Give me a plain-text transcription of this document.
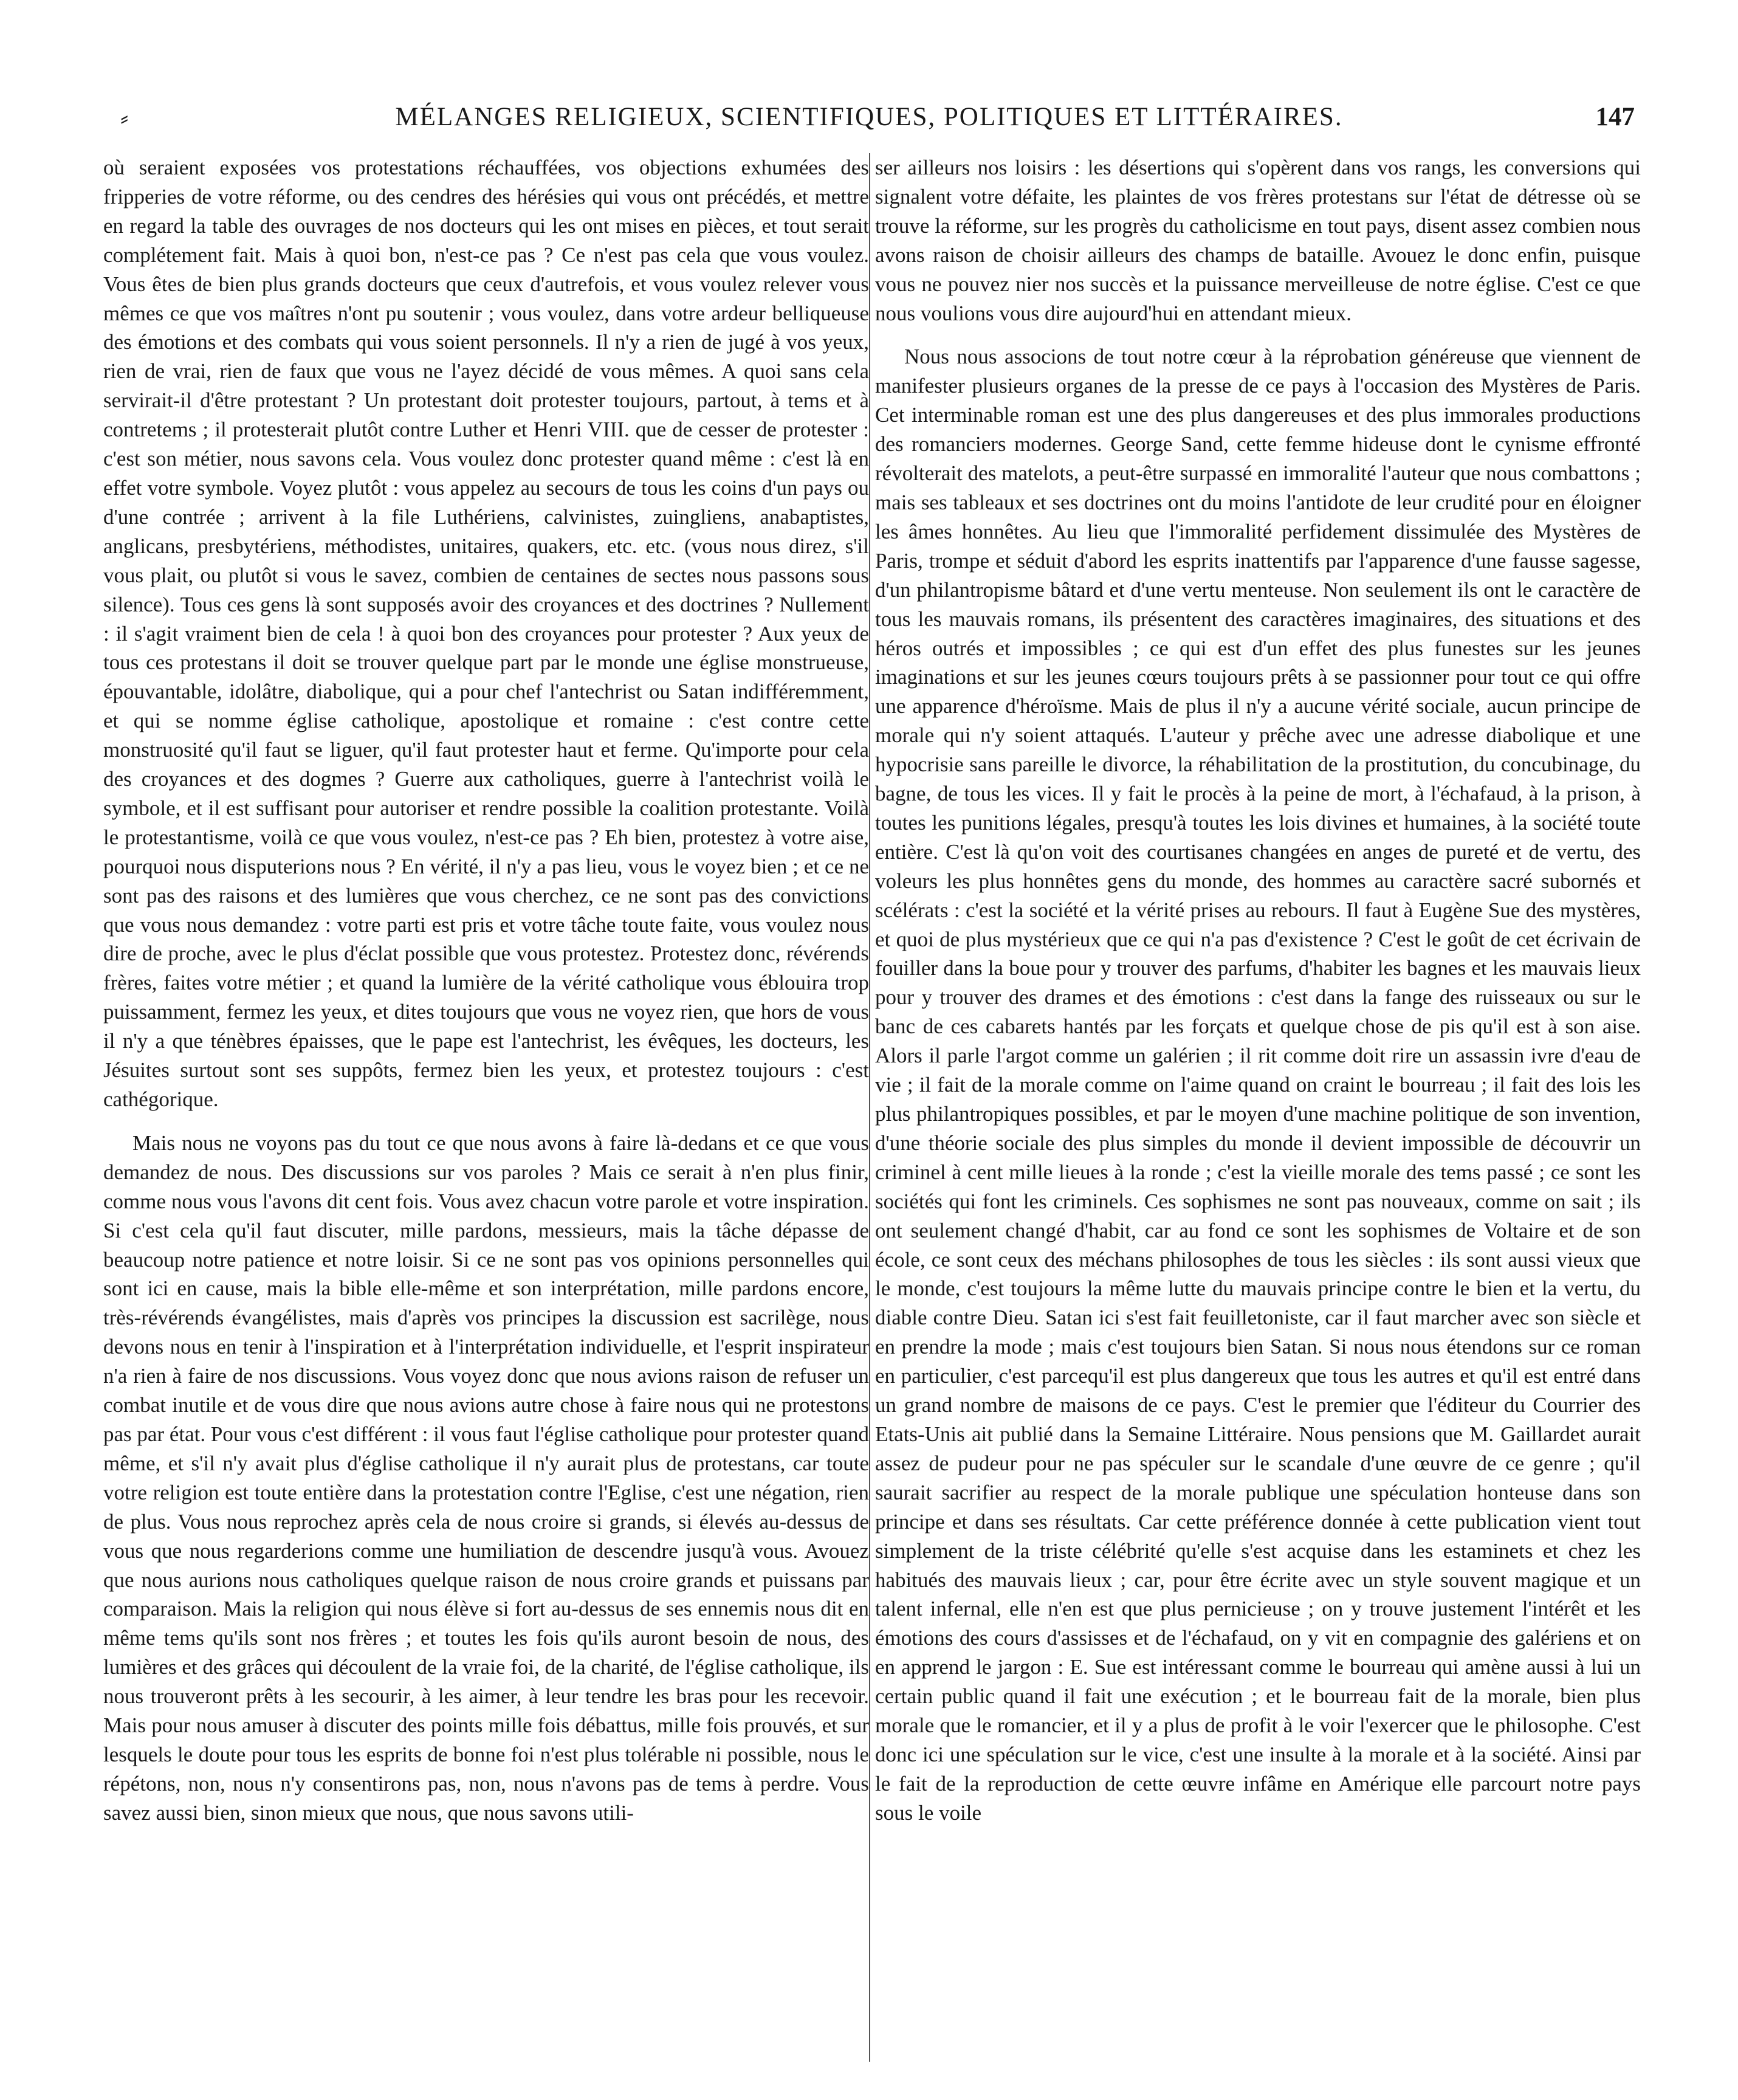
⸗	MÉLANGES RELIGIEUX, SCIENTIFIQUES, POLITIQUES ET LITTÉRAIRES.	147

où seraient exposées vos protestations réchauffées, vos objections exhumées des fripperies de votre réforme, ou des cendres des hérésies qui vous ont précédés, et mettre en regard la table des ouvrages de nos docteurs qui les ont mises en pièces, et tout serait complétement fait. Mais à quoi bon, n'est-ce pas ? Ce n'est pas cela que vous voulez. Vous êtes de bien plus grands docteurs que ceux d'autrefois, et vous voulez relever vous mêmes ce que vos maîtres n'ont pu soutenir ; vous voulez, dans votre ardeur belliqueuse des émotions et des combats qui vous soient personnels. Il n'y a rien de jugé à vos yeux, rien de vrai, rien de faux que vous ne l'ayez décidé de vous mêmes. A quoi sans cela servirait-il d'être protestant ? Un protestant doit protester toujours, partout, à tems et à contretems ; il protesterait plutôt contre Luther et Henri VIII. que de cesser de protester : c'est son métier, nous savons cela. Vous voulez donc protester quand même : c'est là en effet votre symbole. Voyez plutôt : vous appelez au secours de tous les coins d'un pays ou d'une contrée ; arrivent à la file Luthériens, calvinistes, zuingliens, anabaptistes, anglicans, presbytériens, méthodistes, unitaires, quakers, etc. etc. (vous nous direz, s'il vous plait, ou plutôt si vous le savez, combien de centaines de sectes nous passons sous silence). Tous ces gens là sont supposés avoir des croyances et des doctrines ? Nullement : il s'agit vraiment bien de cela ! à quoi bon des croyances pour protester ? Aux yeux de tous ces protestans il doit se trouver quelque part par le monde une église monstrueuse, épouvantable, idolâtre, diabolique, qui a pour chef l'antechrist ou Satan indifféremment, et qui se nomme église catholique, apostolique et romaine : c'est contre cette monstruosité qu'il faut se liguer, qu'il faut protester haut et ferme. Qu'importe pour cela des croyances et des dogmes ? Guerre aux catholiques, guerre à l'antechrist voilà le symbole, et il est suffisant pour autoriser et rendre possible la coalition protestante. Voilà le protestantisme, voilà ce que vous voulez, n'est-ce pas ? Eh bien, protestez à votre aise, pourquoi nous disputerions nous ? En vérité, il n'y a pas lieu, vous le voyez bien ; et ce ne sont pas des raisons et des lumières que vous cherchez, ce ne sont pas des convictions que vous nous demandez : votre parti est pris et votre tâche toute faite, vous voulez nous dire de proche, avec le plus d'éclat possible que vous protestez. Protestez donc, révérends frères, faites votre métier ; et quand la lumière de la vérité catholique vous éblouira trop puissamment, fermez les yeux, et dites toujours que vous ne voyez rien, que hors de vous il n'y a que ténèbres épaisses, que le pape est l'antechrist, les évêques, les docteurs, les Jésuites surtout sont ses suppôts, fermez bien les yeux, et protestez toujours : c'est cathégorique.

Mais nous ne voyons pas du tout ce que nous avons à faire là-dedans et ce que vous demandez de nous. Des discussions sur vos paroles ? Mais ce serait à n'en plus finir, comme nous vous l'avons dit cent fois. Vous avez chacun votre parole et votre inspiration. Si c'est cela qu'il faut discuter, mille pardons, messieurs, mais la tâche dépasse de beaucoup notre patience et notre loisir. Si ce ne sont pas vos opinions personnelles qui sont ici en cause, mais la bible elle-même et son interprétation, mille pardons encore, très-révérends évangélistes, mais d'après vos principes la discussion est sacrilège, nous devons nous en tenir à l'inspiration et à l'interprétation individuelle, et l'esprit inspirateur n'a rien à faire de nos discussions. Vous voyez donc que nous avions raison de refuser un combat inutile et de vous dire que nous avions autre chose à faire nous qui ne protestons pas par état. Pour vous c'est différent : il vous faut l'église catholique pour protester quand même, et s'il n'y avait plus d'église catholique il n'y aurait plus de protestans, car toute votre religion est toute entière dans la protestation contre l'Eglise, c'est une négation, rien de plus. Vous nous reprochez après cela de nous croire si grands, si élevés au-dessus de vous que nous regarderions comme une humiliation de descendre jusqu'à vous. Avouez que nous aurions nous catholiques quelque raison de nous croire grands et puissans par comparaison. Mais la religion qui nous élève si fort au-dessus de ses ennemis nous dit en même tems qu'ils sont nos frères ; et toutes les fois qu'ils auront besoin de nous, des lumières et des grâces qui découlent de la vraie foi, de la charité, de l'église catholique, ils nous trouveront prêts à les secourir, à les aimer, à leur tendre les bras pour les recevoir. Mais pour nous amuser à discuter des points mille fois débattus, mille fois prouvés, et sur lesquels le doute pour tous les esprits de bonne foi n'est plus tolérable ni possible, nous le répétons, non, nous n'y consentirons pas, non, nous n'avons pas de tems à perdre. Vous savez aussi bien, sinon mieux que nous, que nous savons utili-

ser ailleurs nos loisirs : les désertions qui s'opèrent dans vos rangs, les conversions qui signalent votre défaite, les plaintes de vos frères protestans sur l'état de détresse où se trouve la réforme, sur les progrès du catholicisme en tout pays, disent assez combien nous avons raison de choisir ailleurs des champs de bataille. Avouez le donc enfin, puisque vous ne pouvez nier nos succès et la puissance merveilleuse de notre église. C'est ce que nous voulions vous dire aujourd'hui en attendant mieux.

Nous nous associons de tout notre cœur à la réprobation généreuse que viennent de manifester plusieurs organes de la presse de ce pays à l'occasion des Mystères de Paris. Cet interminable roman est une des plus dangereuses et des plus immorales productions des romanciers modernes. George Sand, cette femme hideuse dont le cynisme effronté révolterait des matelots, a peut-être surpassé en immoralité l'auteur que nous combattons ; mais ses tableaux et ses doctrines ont du moins l'antidote de leur crudité pour en éloigner les âmes honnêtes. Au lieu que l'immoralité perfidement dissimulée des Mystères de Paris, trompe et séduit d'abord les esprits inattentifs par l'apparence d'une fausse sagesse, d'un philantropisme bâtard et d'une vertu menteuse. Non seulement ils ont le caractère de tous les mauvais romans, ils présentent des caractères imaginaires, des situations et des héros outrés et impossibles ; ce qui est d'un effet des plus funestes sur les jeunes imaginations et sur les jeunes cœurs toujours prêts à se passionner pour tout ce qui offre une apparence d'héroïsme. Mais de plus il n'y a aucune vérité sociale, aucun principe de morale qui n'y soient attaqués. L'auteur y prêche avec une adresse diabolique et une hypocrisie sans pareille le divorce, la réhabilitation de la prostitution, du concubinage, du bagne, de tous les vices. Il y fait le procès à la peine de mort, à l'échafaud, à la prison, à toutes les punitions légales, presqu'à toutes les lois divines et humaines, à la société toute entière. C'est là qu'on voit des courtisanes changées en anges de pureté et de vertu, des voleurs les plus honnêtes gens du monde, des hommes au caractère sacré subornés et scélérats : c'est la société et la vérité prises au rebours. Il faut à Eugène Sue des mystères, et quoi de plus mystérieux que ce qui n'a pas d'existence ? C'est le goût de cet écrivain de fouiller dans la boue pour y trouver des parfums, d'habiter les bagnes et les mauvais lieux pour y trouver des drames et des émotions : c'est dans la fange des ruisseaux ou sur le banc de ces cabarets hantés par les forçats et quelque chose de pis qu'il est à son aise. Alors il parle l'argot comme un galérien ; il rit comme doit rire un assassin ivre d'eau de vie ; il fait de la morale comme on l'aime quand on craint le bourreau ; il fait des lois les plus philantropiques possibles, et par le moyen d'une machine politique de son invention, d'une théorie sociale des plus simples du monde il devient impossible de découvrir un criminel à cent mille lieues à la ronde ; c'est la vieille morale des tems passé ; ce sont les sociétés qui font les criminels. Ces sophismes ne sont pas nouveaux, comme on sait ; ils ont seulement changé d'habit, car au fond ce sont les sophismes de Voltaire et de son école, ce sont ceux des méchans philosophes de tous les siècles : ils sont aussi vieux que le monde, c'est toujours la même lutte du mauvais principe contre le bien et la vertu, du diable contre Dieu. Satan ici s'est fait feuilletoniste, car il faut marcher avec son siècle et en prendre la mode ; mais c'est toujours bien Satan. Si nous nous étendons sur ce roman en particulier, c'est parcequ'il est plus dangereux que tous les autres et qu'il est entré dans un grand nombre de maisons de ce pays. C'est le premier que l'éditeur du Courrier des Etats-Unis ait publié dans la Semaine Littéraire. Nous pensions que M. Gaillardet aurait assez de pudeur pour ne pas spéculer sur le scandale d'une œuvre de ce genre ; qu'il saurait sacrifier au respect de la morale publique une spéculation honteuse dans son principe et dans ses résultats. Car cette préférence donnée à cette publication vient tout simplement de la triste célébrité qu'elle s'est acquise dans les estaminets et chez les habitués des mauvais lieux ; car, pour être écrite avec un style souvent magique et un talent infernal, elle n'en est que plus pernicieuse ; on y trouve justement l'intérêt et les émotions des cours d'assisses et de l'échafaud, on y vit en compagnie des galériens et on en apprend le jargon : E. Sue est intéressant comme le bourreau qui amène aussi à lui un certain public quand il fait une exécution ; et le bourreau fait de la morale, bien plus morale que le romancier, et il y a plus de profit à le voir l'exercer que le philosophe. C'est donc ici une spéculation sur le vice, c'est une insulte à la morale et à la société. Ainsi par le fait de la reproduction de cette œuvre infâme en Amérique elle parcourt notre pays sous le voile
